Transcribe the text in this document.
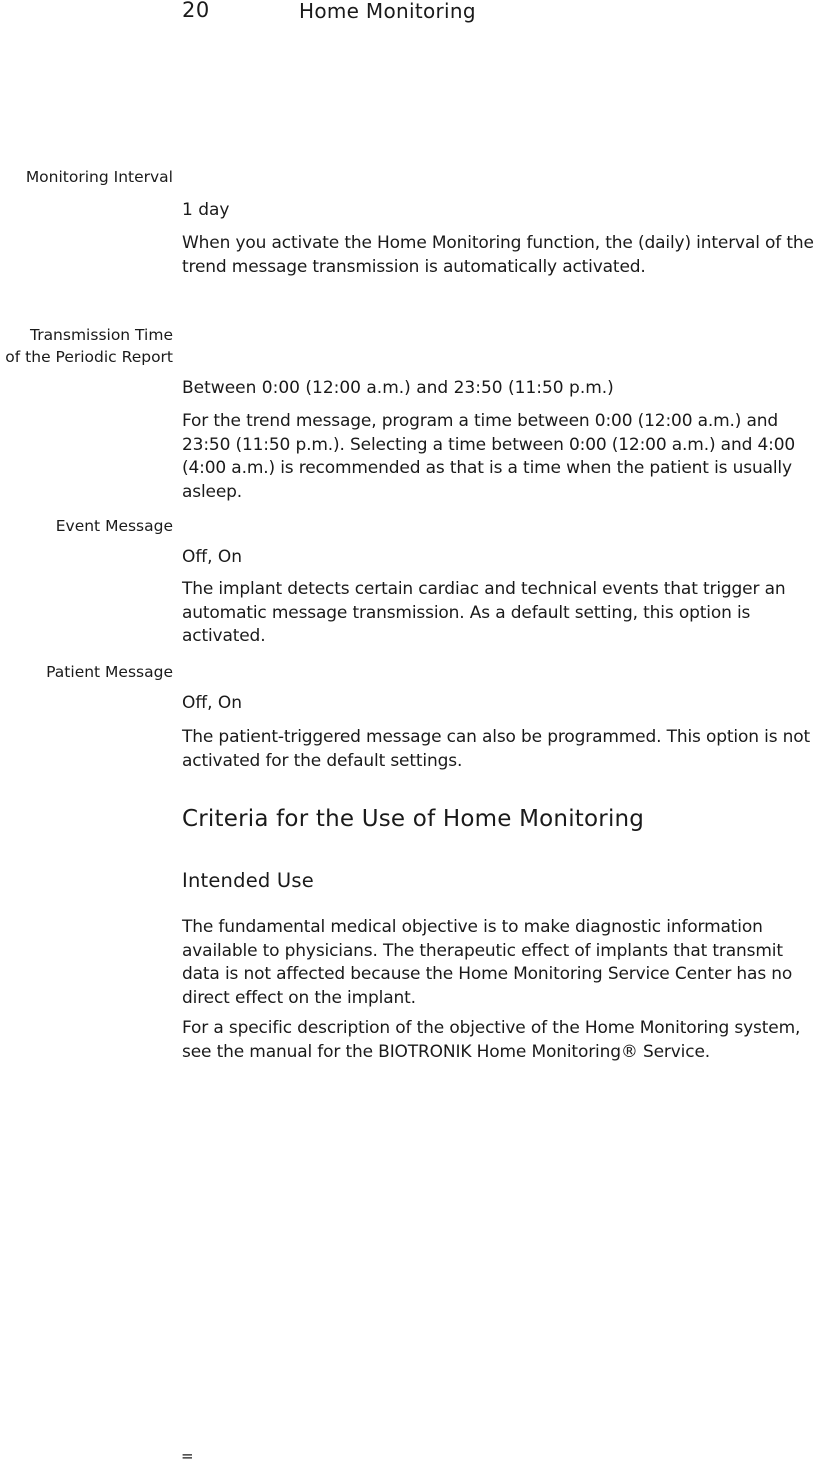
20	Home Monitoring
Monitoring Interval
1 day
When you activate the Home Monitoring function, the (daily) interval of the trend message transmission is automatically activated.
Transmission Time
of the Periodic Report
Between 0:00 (12:00 a.m.) and 23:50 (11:50 p.m.)
For the trend message, program a time between 0:00 (12:00 a.m.) and 23:50 (11:50 p.m.). Selecting a time between 0:00 (12:00 a.m.) and 4:00 (4:00 a.m.) is recommended as that is a time when the patient is usually asleep.
Event Message
Off, On
The implant detects certain cardiac and technical events that trigger an automatic message transmission. As a default setting, this option is activated.
Patient Message
Off, On
The patient-triggered message can also be programmed. This option is not activated for the default settings.
Criteria for the Use of Home Monitoring
Intended Use
The fundamental medical objective is to make diagnostic information available to physicians. The therapeutic effect of implants that transmit data is not affected because the Home Monitoring Service Center has no direct effect on the implant.
For a specific description of the objective of the Home Monitoring system, see the manual for the BIOTRONIK Home Monitoring® Service.
=
